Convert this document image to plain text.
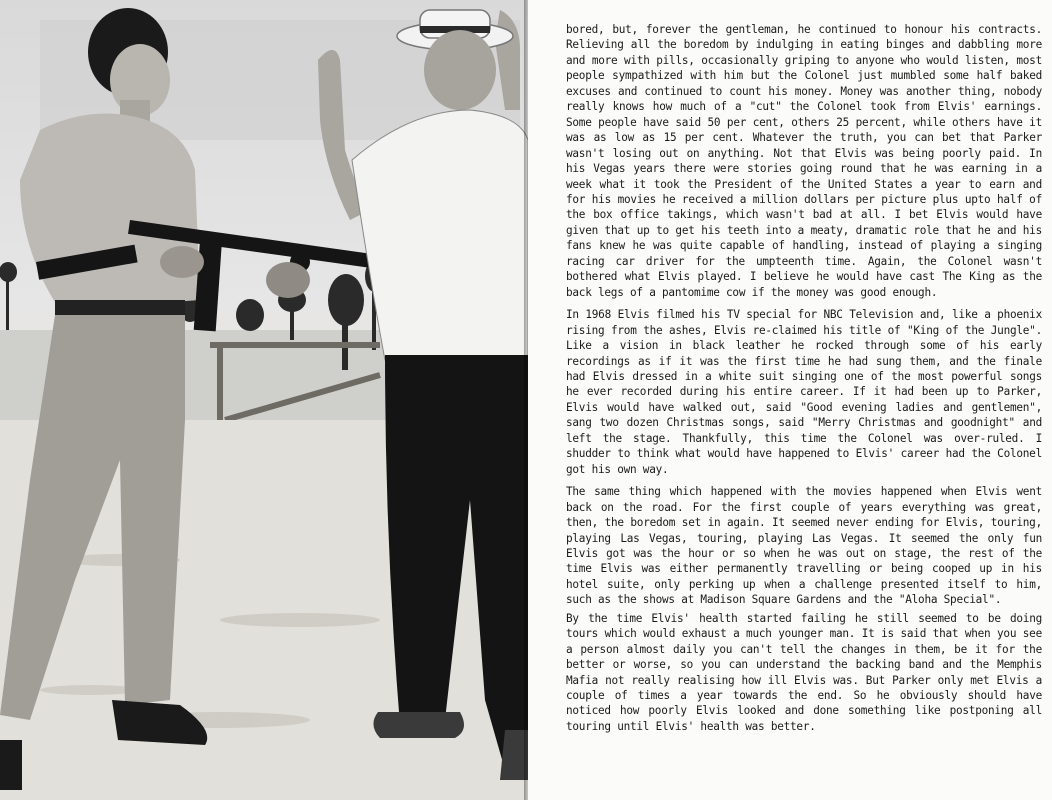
bored, but, forever the gentleman, he continued to honour his contracts. Relieving all the boredom by indulging in eating binges and dabbling more and more with pills, occasionally griping to anyone who would listen, most people sympathized with him but the Colonel just mumbled some half baked excuses and continued to count his money. Money was another thing, nobody really knows how much of a "cut" the Colonel took from Elvis' earnings. Some people have said 50 per cent, others 25 percent, while others have it was as low as 15 per cent. Whatever the truth, you can bet that Parker wasn't losing out on anything. Not that Elvis was being poorly paid. In his Vegas years there were stories going round that he was earning in a week what it took the President of the United States a year to earn and for his movies he received a million dollars per picture plus upto half of the box office takings, which wasn't bad at all. I bet Elvis would have given that up to get his teeth into a meaty, dramatic role that he and his fans knew he was quite capable of handling, instead of playing a singing racing car driver for the umpteenth time. Again, the Colonel wasn't bothered what Elvis played. I believe he would have cast The King as the back legs of a pantomime cow if the money was good enough.

In 1968 Elvis filmed his TV special for NBC Television and, like a phoenix rising from the ashes, Elvis re-claimed his title of "King of the Jungle". Like a vision in black leather he rocked through some of his early recordings as if it was the first time he had sung them, and the finale had Elvis dressed in a white suit singing one of the most powerful songs he ever recorded during his entire career. If it had been up to Parker, Elvis would have walked out, said "Good evening ladies and gentlemen", sang two dozen Christmas songs, said "Merry Christmas and goodnight" and left the stage. Thankfully, this time the Colonel was over-ruled. I shudder to think what would have happened to Elvis' career had the Colonel got his own way.

The same thing which happened with the movies happened when Elvis went back on the road. For the first couple of years everything was great, then, the boredom set in again. It seemed never ending for Elvis, touring, playing Las Vegas, touring, playing Las Vegas. It seemed the only fun Elvis got was the hour or so when he was out on stage, the rest of the time Elvis was either permanently travelling or being cooped up in his hotel suite, only perking up when a challenge presented itself to him, such as the shows at Madison Square Gardens and the "Aloha Special".

By the time Elvis' health started failing he still seemed to be doing tours which would exhaust a much younger man. It is said that when you see a person almost daily you can't tell the changes in them, be it for the better or worse, so you can understand the backing band and the Memphis Mafia not really realising how ill Elvis was. But Parker only met Elvis a couple of times a year towards the end. So he obviously should have noticed how poorly Elvis looked and done something like postponing all touring until Elvis' health was better.
